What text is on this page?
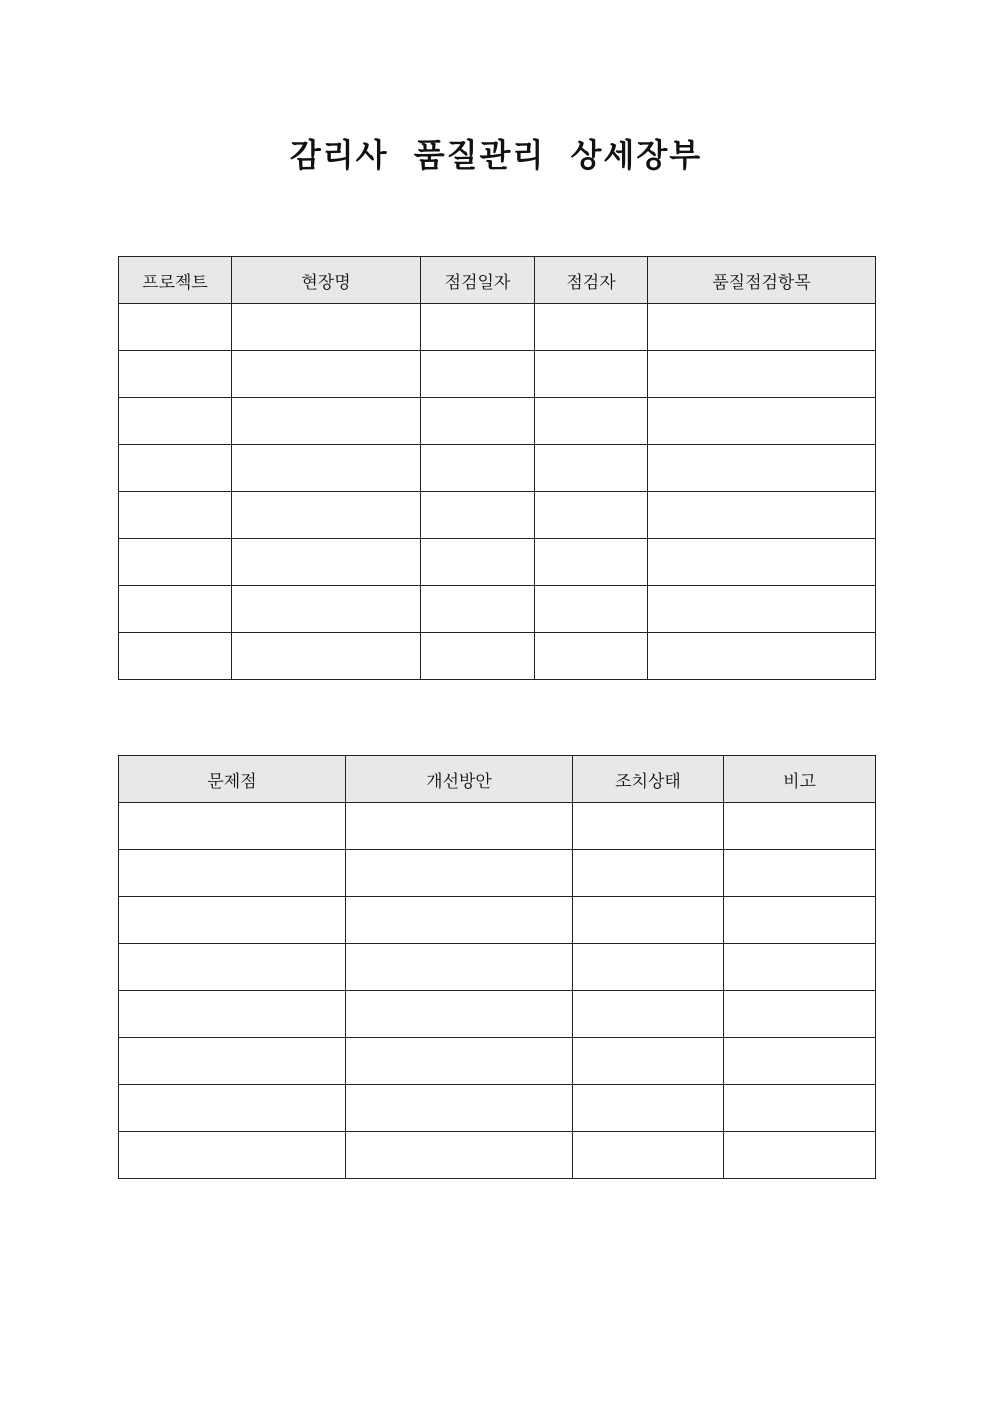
감리사 품질관리 상세장부
프로젝트	현장명	점검일자	점검자	품질점검항목

문제점	개선방안	조치상태	비고
